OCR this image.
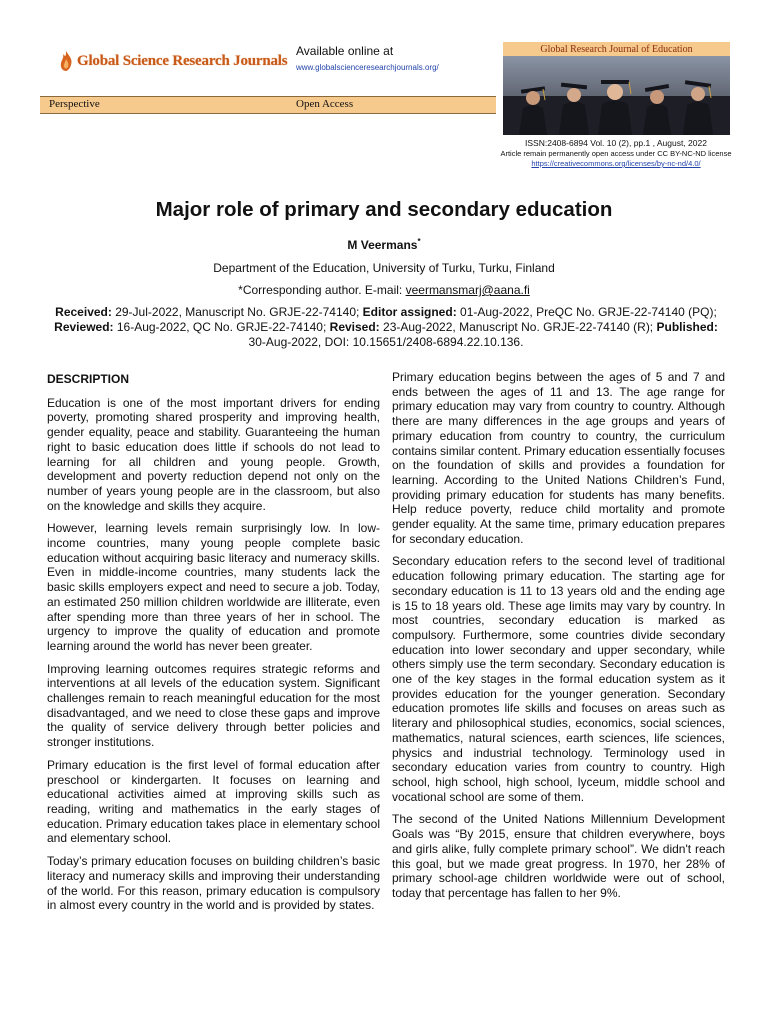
Global Science Research Journals
Available online at
www.globalscienceresearchjournals.org/
Global Research Journal of Education
Perspective	Open Access
ISSN:2408-6894 Vol. 10 (2), pp.1 , August, 2022
Article remain permanently open access under CC BY-NC-ND license
https://creativecommons.org/licenses/by-nc-nd/4.0/
Major role of primary and secondary education
M Veermans*
Department of the Education, University of Turku, Turku, Finland
*Corresponding author. E-mail: veermansmarj@aana.fi
Received: 29-Jul-2022, Manuscript No. GRJE-22-74140; Editor assigned: 01-Aug-2022, PreQC No. GRJE-22-74140 (PQ); Reviewed: 16-Aug-2022, QC No. GRJE-22-74140; Revised: 23-Aug-2022, Manuscript No. GRJE-22-74140 (R); Published: 30-Aug-2022, DOI: 10.15651/2408-6894.22.10.136.
DESCRIPTION

Education is one of the most important drivers for ending poverty, promoting shared prosperity and improving health, gender equality, peace and stability. Guaranteeing the human right to basic education does little if schools do not lead to learning for all children and young people. Growth, development and poverty reduction depend not only on the number of years young people are in the classroom, but also on the knowledge and skills they acquire.

However, learning levels remain surprisingly low. In low-income countries, many young people complete basic education without acquiring basic literacy and numeracy skills. Even in middle-income countries, many students lack the basic skills employers expect and need to secure a job. Today, an estimated 250 million children worldwide are illiterate, even after spending more than three years of her in school. The urgency to improve the quality of education and promote learning around the world has never been greater.

Improving learning outcomes requires strategic reforms and interventions at all levels of the education system. Significant challenges remain to reach meaningful education for the most disadvantaged, and we need to close these gaps and improve the quality of service delivery through better policies and stronger institutions.

Primary education is the first level of formal education after preschool or kindergarten. It focuses on learning and educational activities aimed at improving skills such as reading, writing and mathematics in the early stages of education. Primary education takes place in elementary school and elementary school.

Today’s primary education focuses on building children’s basic literacy and numeracy skills and improving their understanding of the world. For this reason, primary education is compulsory in almost every country in the world and is provided by states.

Primary education begins between the ages of 5 and 7 and ends between the ages of 11 and 13. The age range for primary education may vary from country to country. Although there are many differences in the age groups and years of primary education from country to country, the curriculum contains similar content. Primary education essentially focuses on the foundation of skills and provides a foundation for learning. According to the United Nations Children’s Fund, providing primary education for students has many benefits. Help reduce poverty, reduce child mortality and promote gender equality. At the same time, primary education prepares for secondary education.

Secondary education refers to the second level of traditional education following primary education. The starting age for secondary education is 11 to 13 years old and the ending age is 15 to 18 years old. These age limits may vary by country. In most countries, secondary education is marked as compulsory. Furthermore, some countries divide secondary education into lower secondary and upper secondary, while others simply use the term secondary. Secondary education is one of the key stages in the formal education system as it provides education for the younger generation. Secondary education promotes life skills and focuses on areas such as literary and philosophical studies, economics, social sciences, mathematics, natural sciences, earth sciences, life sciences, physics and industrial technology. Terminology used in secondary education varies from country to country. High school, high school, high school, lyceum, middle school and vocational school are some of them.

The second of the United Nations Millennium Development Goals was “By 2015, ensure that children everywhere, boys and girls alike, fully complete primary school”. We didn't reach this goal, but we made great progress. In 1970, her 28% of primary school-age children worldwide were out of school, today that percentage has fallen to her 9%.
